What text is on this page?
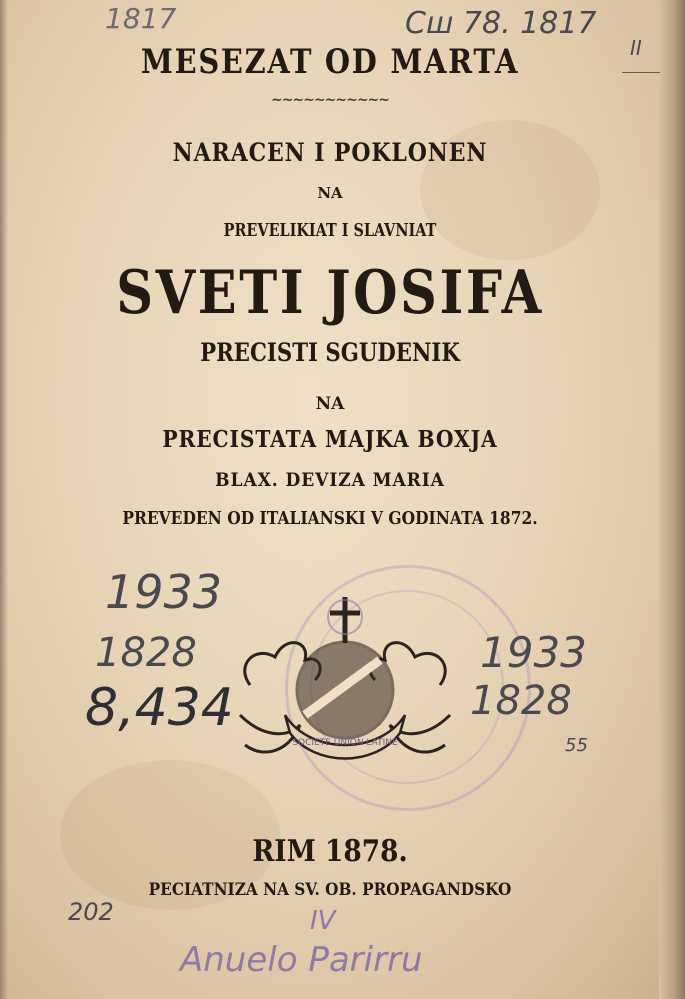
1817	Сш 78. 1817
II
MESEZAT OD MARTA
~~~~~~~~~~~
NARACEN I POKLONEN
NA
PREVELIKIAT I SLAVNIAT
SVETI JOSIFA
PRECISTI SGUDENIK
NA
PRECISTATA MAJKA BOXJA
BLAX. DEVIZA MARIA
PREVEDEN OD ITALIANSKI V GODINATA 1872.
SOCIETE UNION LATINE
1933
1828
8,434
1933
1828
55
RIM 1878.
PECIATNIZA NA SV. OB. PROPAGANDSKO
202	IV
Anuelo Parirru
